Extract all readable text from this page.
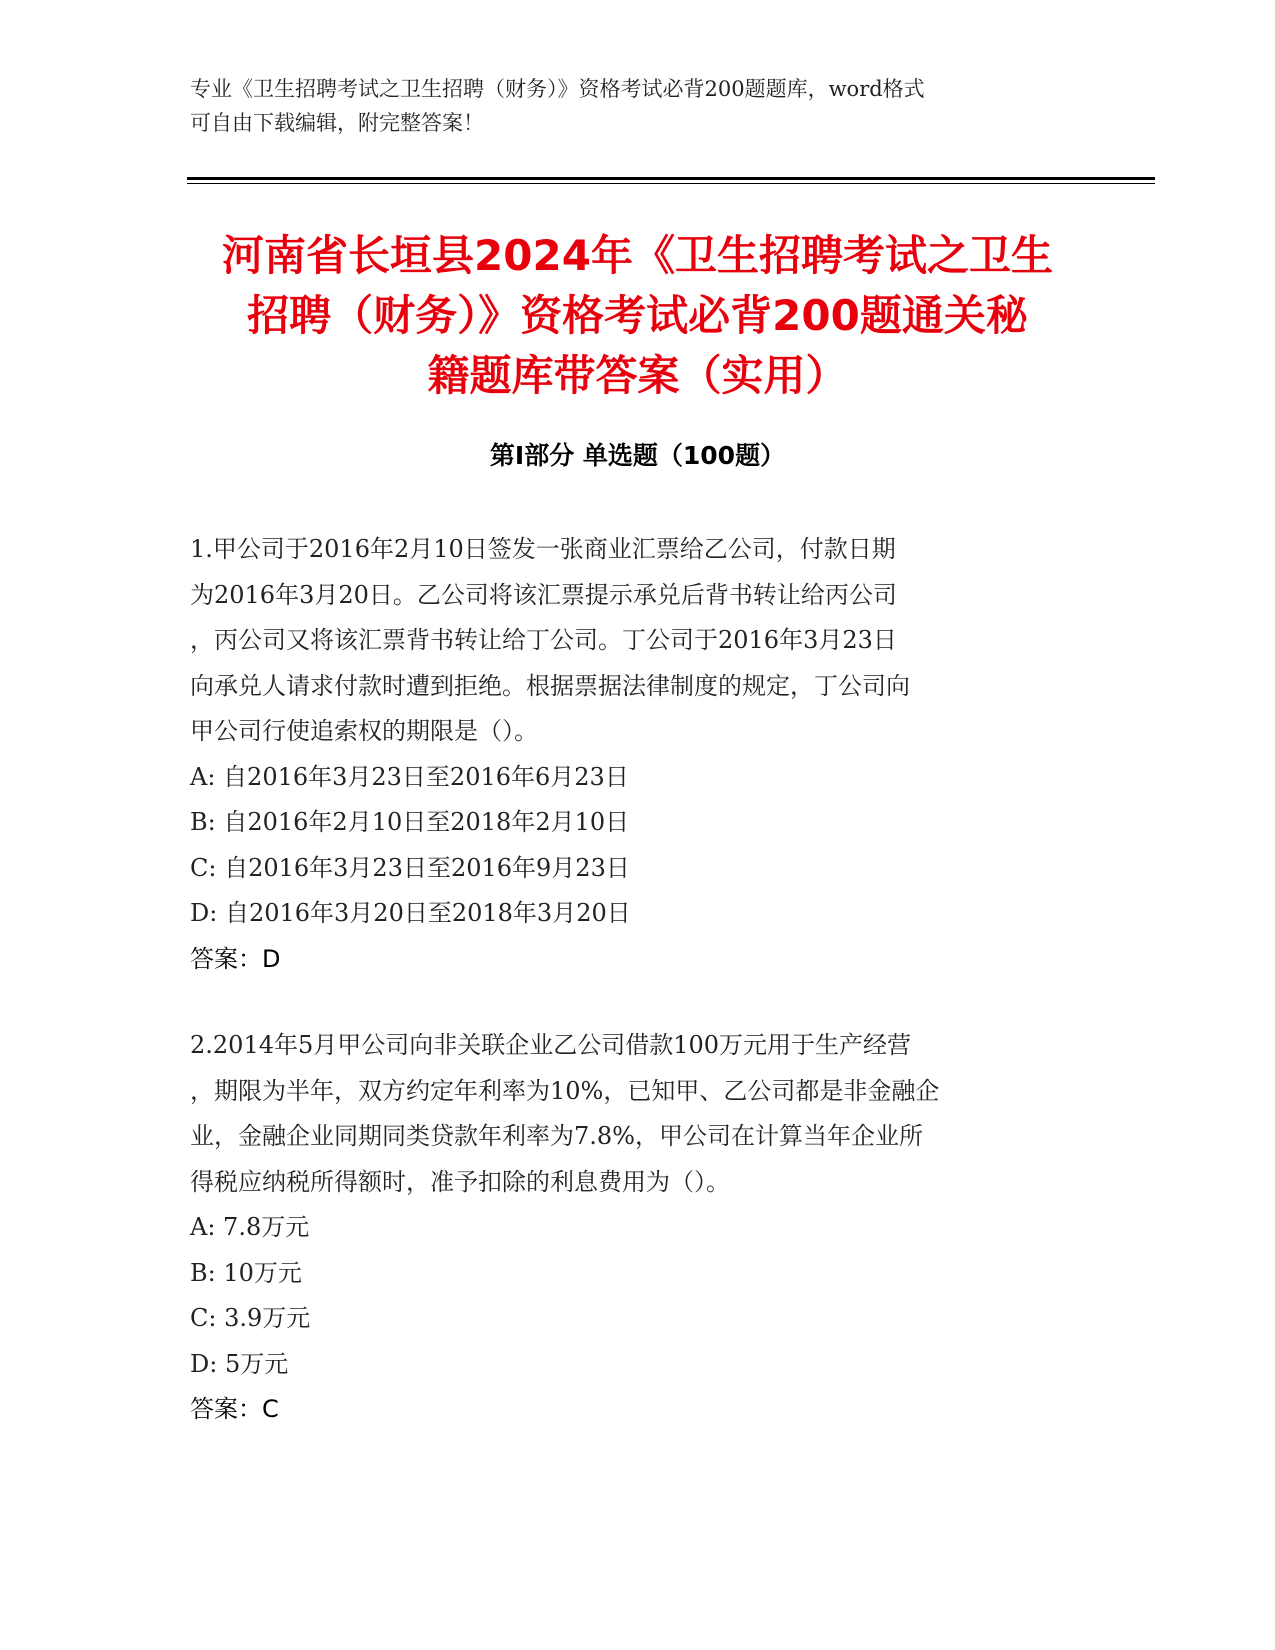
专业《卫生招聘考试之卫生招聘（财务）》资格考试必背200题题库，word格式
可自由下载编辑，附完整答案！
河南省长垣县2024年《卫生招聘考试之卫生
招聘（财务）》资格考试必背200题通关秘
籍题库带答案（实用）
第Ⅰ部分 单选题（100题）
1.甲公司于2016年2月10日签发一张商业汇票给乙公司，付款日期
为2016年3月20日。乙公司将该汇票提示承兑后背书转让给丙公司
，丙公司又将该汇票背书转让给丁公司。丁公司于2016年3月23日
向承兑人请求付款时遭到拒绝。根据票据法律制度的规定，丁公司向
甲公司行使追索权的期限是（）。
A: 自2016年3月23日至2016年6月23日
B: 自2016年2月10日至2018年2月10日
C: 自2016年3月23日至2016年9月23日
D: 自2016年3月20日至2018年3月20日
答案：D
2.2014年5月甲公司向非关联企业乙公司借款100万元用于生产经营
，期限为半年，双方约定年利率为10%，已知甲、乙公司都是非金融企
业，金融企业同期同类贷款年利率为7.8%，甲公司在计算当年企业所
得税应纳税所得额时，准予扣除的利息费用为（）。
A: 7.8万元
B: 10万元
C: 3.9万元
D: 5万元
答案：C
